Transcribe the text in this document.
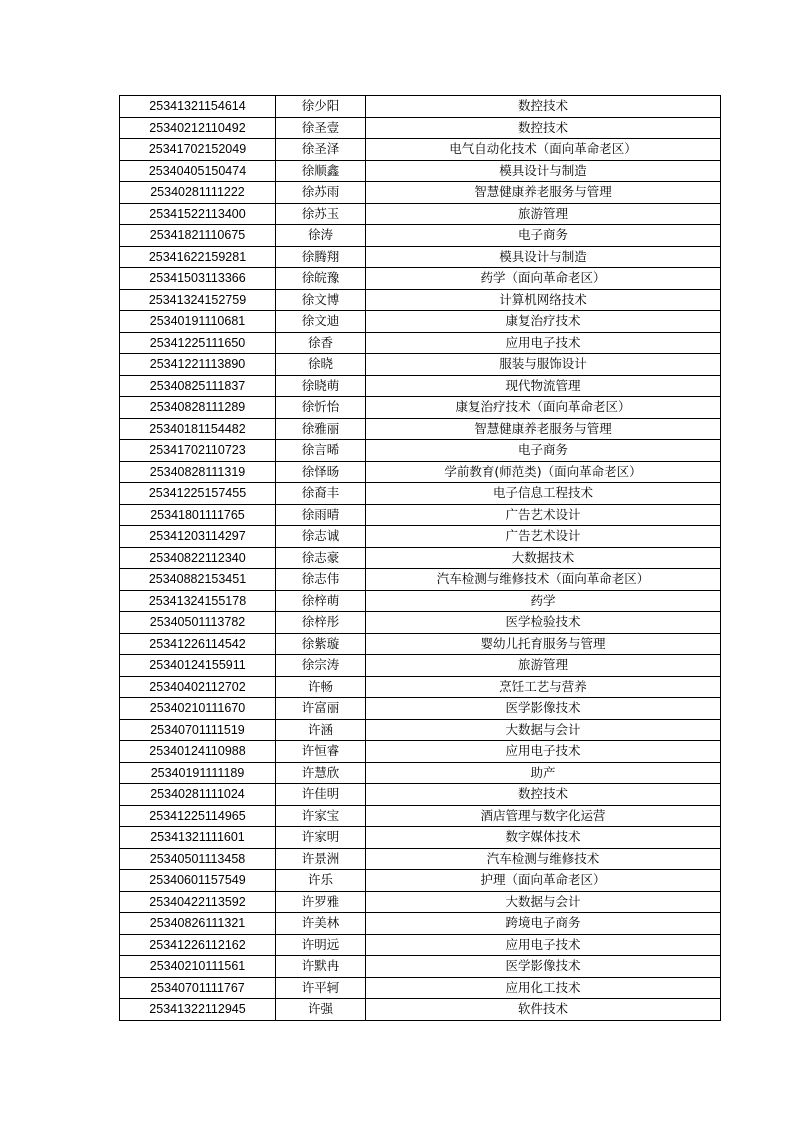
25341321154614	徐少阳	数控技术
25340212110492	徐圣壹	数控技术
25341702152049	徐圣泽	电气自动化技术（面向革命老区）
25340405150474	徐顺鑫	模具设计与制造
25340281111222	徐苏雨	智慧健康养老服务与管理
25341522113400	徐苏玉	旅游管理
25341821110675	徐涛	电子商务
25341622159281	徐腾翔	模具设计与制造
25341503113366	徐皖豫	药学（面向革命老区）
25341324152759	徐文博	计算机网络技术
25340191110681	徐文迪	康复治疗技术
25341225111650	徐香	应用电子技术
25341221113890	徐晓	服装与服饰设计
25340825111837	徐晓萌	现代物流管理
25340828111289	徐忻怡	康复治疗技术（面向革命老区）
25340181154482	徐雅丽	智慧健康养老服务与管理
25341702110723	徐言晞	电子商务
25340828111319	徐怿旸	学前教育(师范类)（面向革命老区）
25341225157455	徐裔丰	电子信息工程技术
25341801111765	徐雨晴	广告艺术设计
25341203114297	徐志诚	广告艺术设计
25340822112340	徐志豪	大数据技术
25340882153451	徐志伟	汽车检测与维修技术（面向革命老区）
25341324155178	徐梓萌	药学
25340501113782	徐梓彤	医学检验技术
25341226114542	徐紫璇	婴幼儿托育服务与管理
25340124155911	徐宗涛	旅游管理
25340402112702	许畅	烹饪工艺与营养
25340210111670	许富丽	医学影像技术
25340701111519	许涵	大数据与会计
25340124110988	许恒睿	应用电子技术
25340191111189	许慧欣	助产
25340281111024	许佳明	数控技术
25341225114965	许家宝	酒店管理与数字化运营
25341321111601	许家明	数字媒体技术
25340501113458	许景洲	汽车检测与维修技术
25340601157549	许乐	护理（面向革命老区）
25340422113592	许罗雅	大数据与会计
25340826111321	许美林	跨境电子商务
25341226112162	许明远	应用电子技术
25340210111561	许默冉	医学影像技术
25340701111767	许平轲	应用化工技术
25341322112945	许强	软件技术
